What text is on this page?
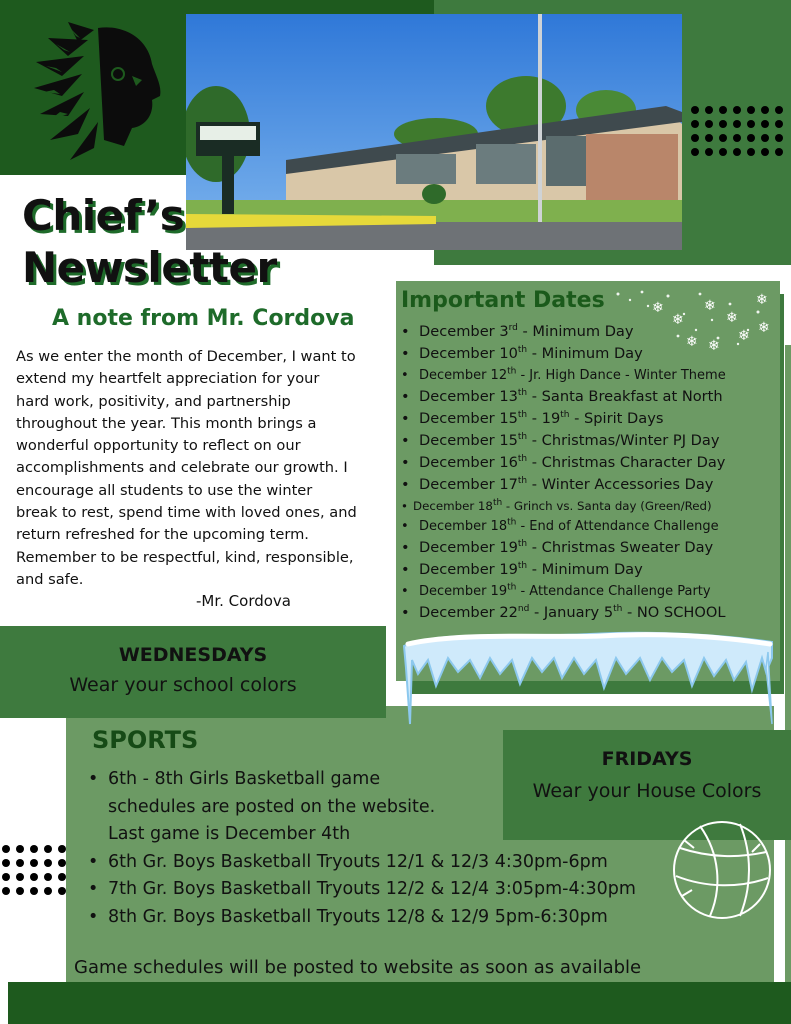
Chief’s
Newsletter
A note from Mr. Cordova
As we enter the month of December, I want to
extend my heartfelt appreciation for your
hard work, positivity, and partnership
throughout the year. This month brings a
wonderful opportunity to reflect on our
accomplishments and celebrate our growth. I
encourage all students to use the winter
break to rest, spend time with loved ones, and
return refreshed for the upcoming term.
Remember to be respectful, kind, responsible,
and safe.
-Mr. Cordova
Important Dates	❄
❄
❄
❄
❄
❄
❄
❄
❄
• December 3rd - Minimum Day
• December 10th - Minimum Day
• December 12th - Jr. High Dance - Winter Theme
• December 13th - Santa Breakfast at North
• December 15th - 19th - Spirit Days
• December 15th - Christmas/Winter PJ Day
• December 16th - Christmas Character Day
• December 17th - Winter Accessories Day
• December 18th - Grinch vs. Santa day (Green/Red)
• December 18th - End of Attendance Challenge
• December 19th - Christmas Sweater Day
• December 19th - Minimum Day
• December 19th - Attendance Challenge Party
• December 22nd - January 5th - NO SCHOOL
WEDNESDAYS
Wear your school colors
FRIDAYS
Wear your House Colors
SPORTS
• 6th - 8th Girls Basketball game
schedules are posted on the website.
Last game is December 4th
• 6th Gr. Boys Basketball Tryouts 12/1 & 12/3 4:30pm-6pm
• 7th Gr. Boys Basketball Tryouts 12/2 & 12/4 3:05pm-4:30pm
• 8th Gr. Boys Basketball Tryouts 12/8 & 12/9 5pm-6:30pm
Game schedules will be posted to website as soon as available
